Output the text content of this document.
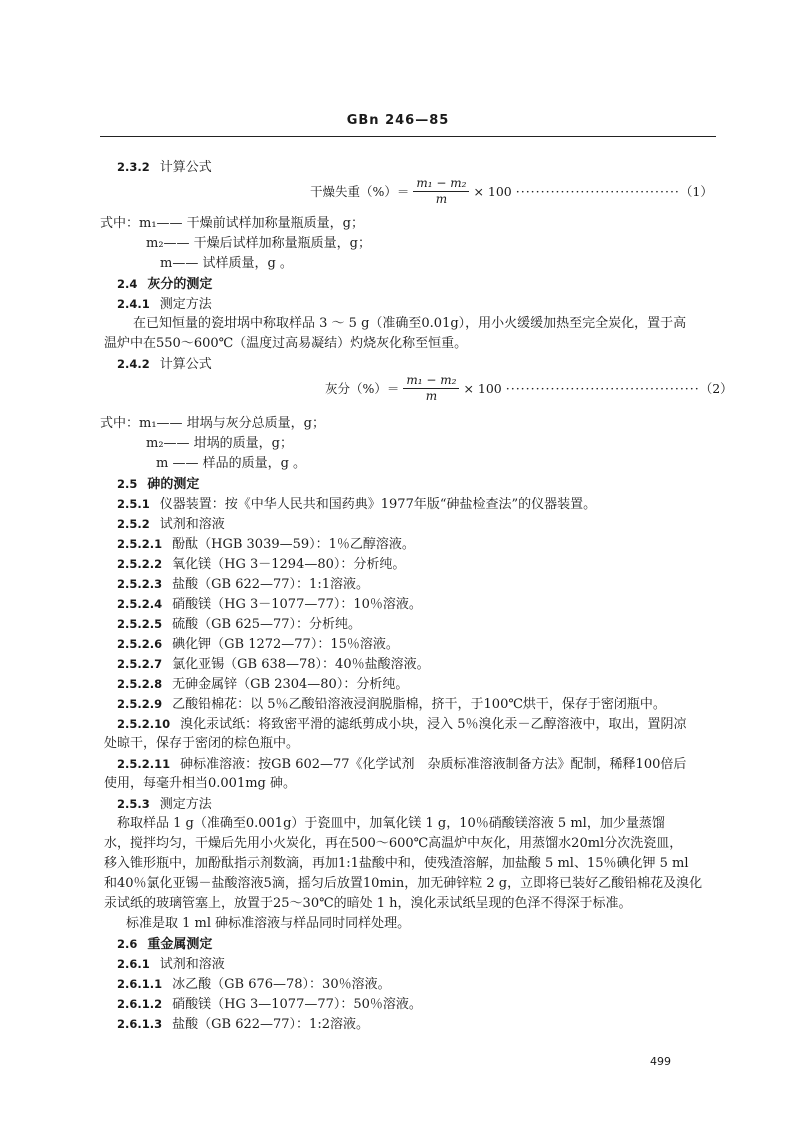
GBn 246—85
2.3.2 计算公式
干燥失重（%）＝ $\frac{\text{m₁ − m₂}}{m} \times 100$ ································· （1）
式中：m₁—— 干燥前试样加称量瓶质量，g；
m₂—— 干燥后试样加称量瓶质量，g；
m—— 试样质量，g 。
2.4 灰分的测定
2.4.1 测定方法
在已知恒量的瓷坩埚中称取样品 3 ～ 5 g（准确至0.01g），用小火缓缓加热至完全炭化，置于高
温炉中在550～600℃（温度过高易凝结）灼烧灰化称至恒重。
2.4.2 计算公式
灰分（%）＝ $\frac{\text{m₁ − m₂}}{m} \times 100$ ······································· （2）
式中：m₁—— 坩埚与灰分总质量，g；
m₂—— 坩埚的质量，g；
m —— 样品的质量，g 。
2.5 砷的测定
2.5.1 仪器装置：按《中华人民共和国药典》1977年版“砷盐检查法”的仪器装置。
2.5.2 试剂和溶液
2.5.2.1 酚酞（HGB 3039—59）：1％乙醇溶液。
2.5.2.2 氧化镁（HG 3－1294—80）：分析纯。
2.5.2.3 盐酸（GB 622—77）：1:1溶液。
2.5.2.4 硝酸镁（HG 3－1077—77）：10％溶液。
2.5.2.5 硫酸（GB 625—77）：分析纯。
2.5.2.6 碘化钾（GB 1272—77）：15％溶液。
2.5.2.7 氯化亚锡（GB 638—78）：40％盐酸溶液。
2.5.2.8 无砷金属锌（GB 2304—80）：分析纯。
2.5.2.9 乙酸铅棉花：以 5％乙酸铅溶液浸润脱脂棉，挤干，于100℃烘干，保存于密闭瓶中。
2.5.2.10 溴化汞试纸：将致密平滑的滤纸剪成小块，浸入 5％溴化汞－乙醇溶液中，取出，置阴凉
处晾干，保存于密闭的棕色瓶中。
2.5.2.11 砷标准溶液：按GB 602—77《化学试剂　杂质标准溶液制备方法》配制，稀释100倍后
使用，每毫升相当0.001mg 砷。
2.5.3 测定方法
称取样品 1 g（准确至0.001g）于瓷皿中，加氧化镁 1 g，10％硝酸镁溶液 5 ml，加少量蒸馏
水，搅拌均匀，干燥后先用小火炭化，再在500～600℃高温炉中灰化，用蒸馏水20ml分次洗瓷皿，
移入锥形瓶中，加酚酞指示剂数滴，再加1:1盐酸中和，使残渣溶解，加盐酸 5 ml、15％碘化钾 5 ml
和40％氯化亚锡－盐酸溶液5滴，摇匀后放置10min，加无砷锌粒 2 g，立即将已装好乙酸铅棉花及溴化
汞试纸的玻璃管塞上，放置于25～30℃的暗处 1 h，溴化汞试纸呈现的色泽不得深于标准。
标准是取 1 ml 砷标准溶液与样品同时同样处理。
2.6 重金属测定
2.6.1 试剂和溶液
2.6.1.1 冰乙酸（GB 676—78）：30％溶液。
2.6.1.2 硝酸镁（HG 3—1077—77）：50％溶液。
2.6.1.3 盐酸（GB 622—77）：1:2溶液。
499
